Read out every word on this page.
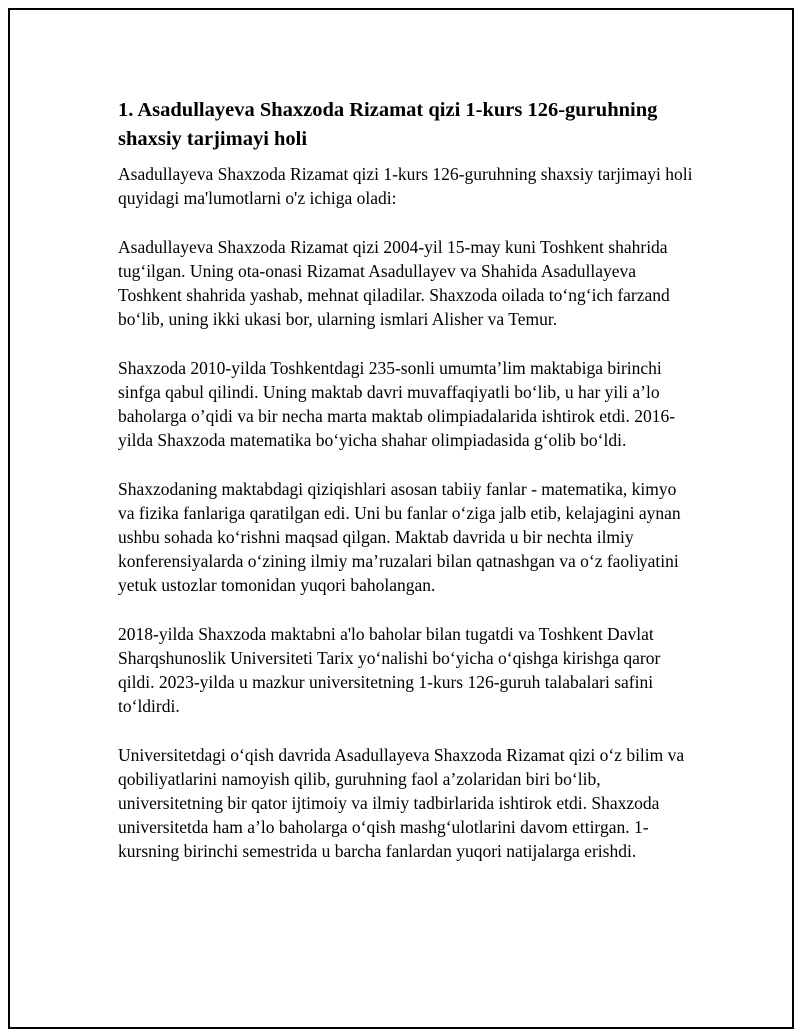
1. Asadullayeva Shaxzoda Rizamat qizi 1-kurs 126-guruhning shaxsiy tarjimayi holi

Asadullayeva Shaxzoda Rizamat qizi 1-kurs 126-guruhning shaxsiy tarjimayi holi quyidagi ma'lumotlarni o'z ichiga oladi:

Asadullayeva Shaxzoda Rizamat qizi 2004-yil 15-may kuni Toshkent shahrida tug‘ilgan. Uning ota-onasi Rizamat Asadullayev va Shahida Asadullayeva Toshkent shahrida yashab, mehnat qiladilar. Shaxzoda oilada to‘ng‘ich farzand bo‘lib, uning ikki ukasi bor, ularning ismlari Alisher va Temur.

Shaxzoda 2010-yilda Toshkentdagi 235-sonli umumta’lim maktabiga birinchi sinfga qabul qilindi. Uning maktab davri muvaffaqiyatli bo‘lib, u har yili a’lo baholarga o’qidi va bir necha marta maktab olimpiadalarida ishtirok etdi. 2016-yilda Shaxzoda matematika bo‘yicha shahar olimpiadasida g‘olib bo‘ldi.

Shaxzodaning maktabdagi qiziqishlari asosan tabiiy fanlar - matematika, kimyo va fizika fanlariga qaratilgan edi. Uni bu fanlar o‘ziga jalb etib, kelajagini aynan ushbu sohada ko‘rishni maqsad qilgan. Maktab davrida u bir nechta ilmiy konferensiyalarda o‘zining ilmiy ma’ruzalari bilan qatnashgan va o‘z faoliyatini yetuk ustozlar tomonidan yuqori baholangan.

2018-yilda Shaxzoda maktabni a'lo baholar bilan tugatdi va Toshkent Davlat Sharqshunoslik Universiteti Tarix yo‘nalishi bo‘yicha o‘qishga kirishga qaror qildi. 2023-yilda u mazkur universitetning 1-kurs 126-guruh talabalari safini to‘ldirdi.

Universitetdagi o‘qish davrida Asadullayeva Shaxzoda Rizamat qizi o‘z bilim va qobiliyatlarini namoyish qilib, guruhning faol a’zolaridan biri bo‘lib, universitetning bir qator ijtimoiy va ilmiy tadbirlarida ishtirok etdi. Shaxzoda universitetda ham a’lo baholarga o‘qish mashg‘ulotlarini davom ettirgan. 1-kursning birinchi semestrida u barcha fanlardan yuqori natijalarga erishdi.
